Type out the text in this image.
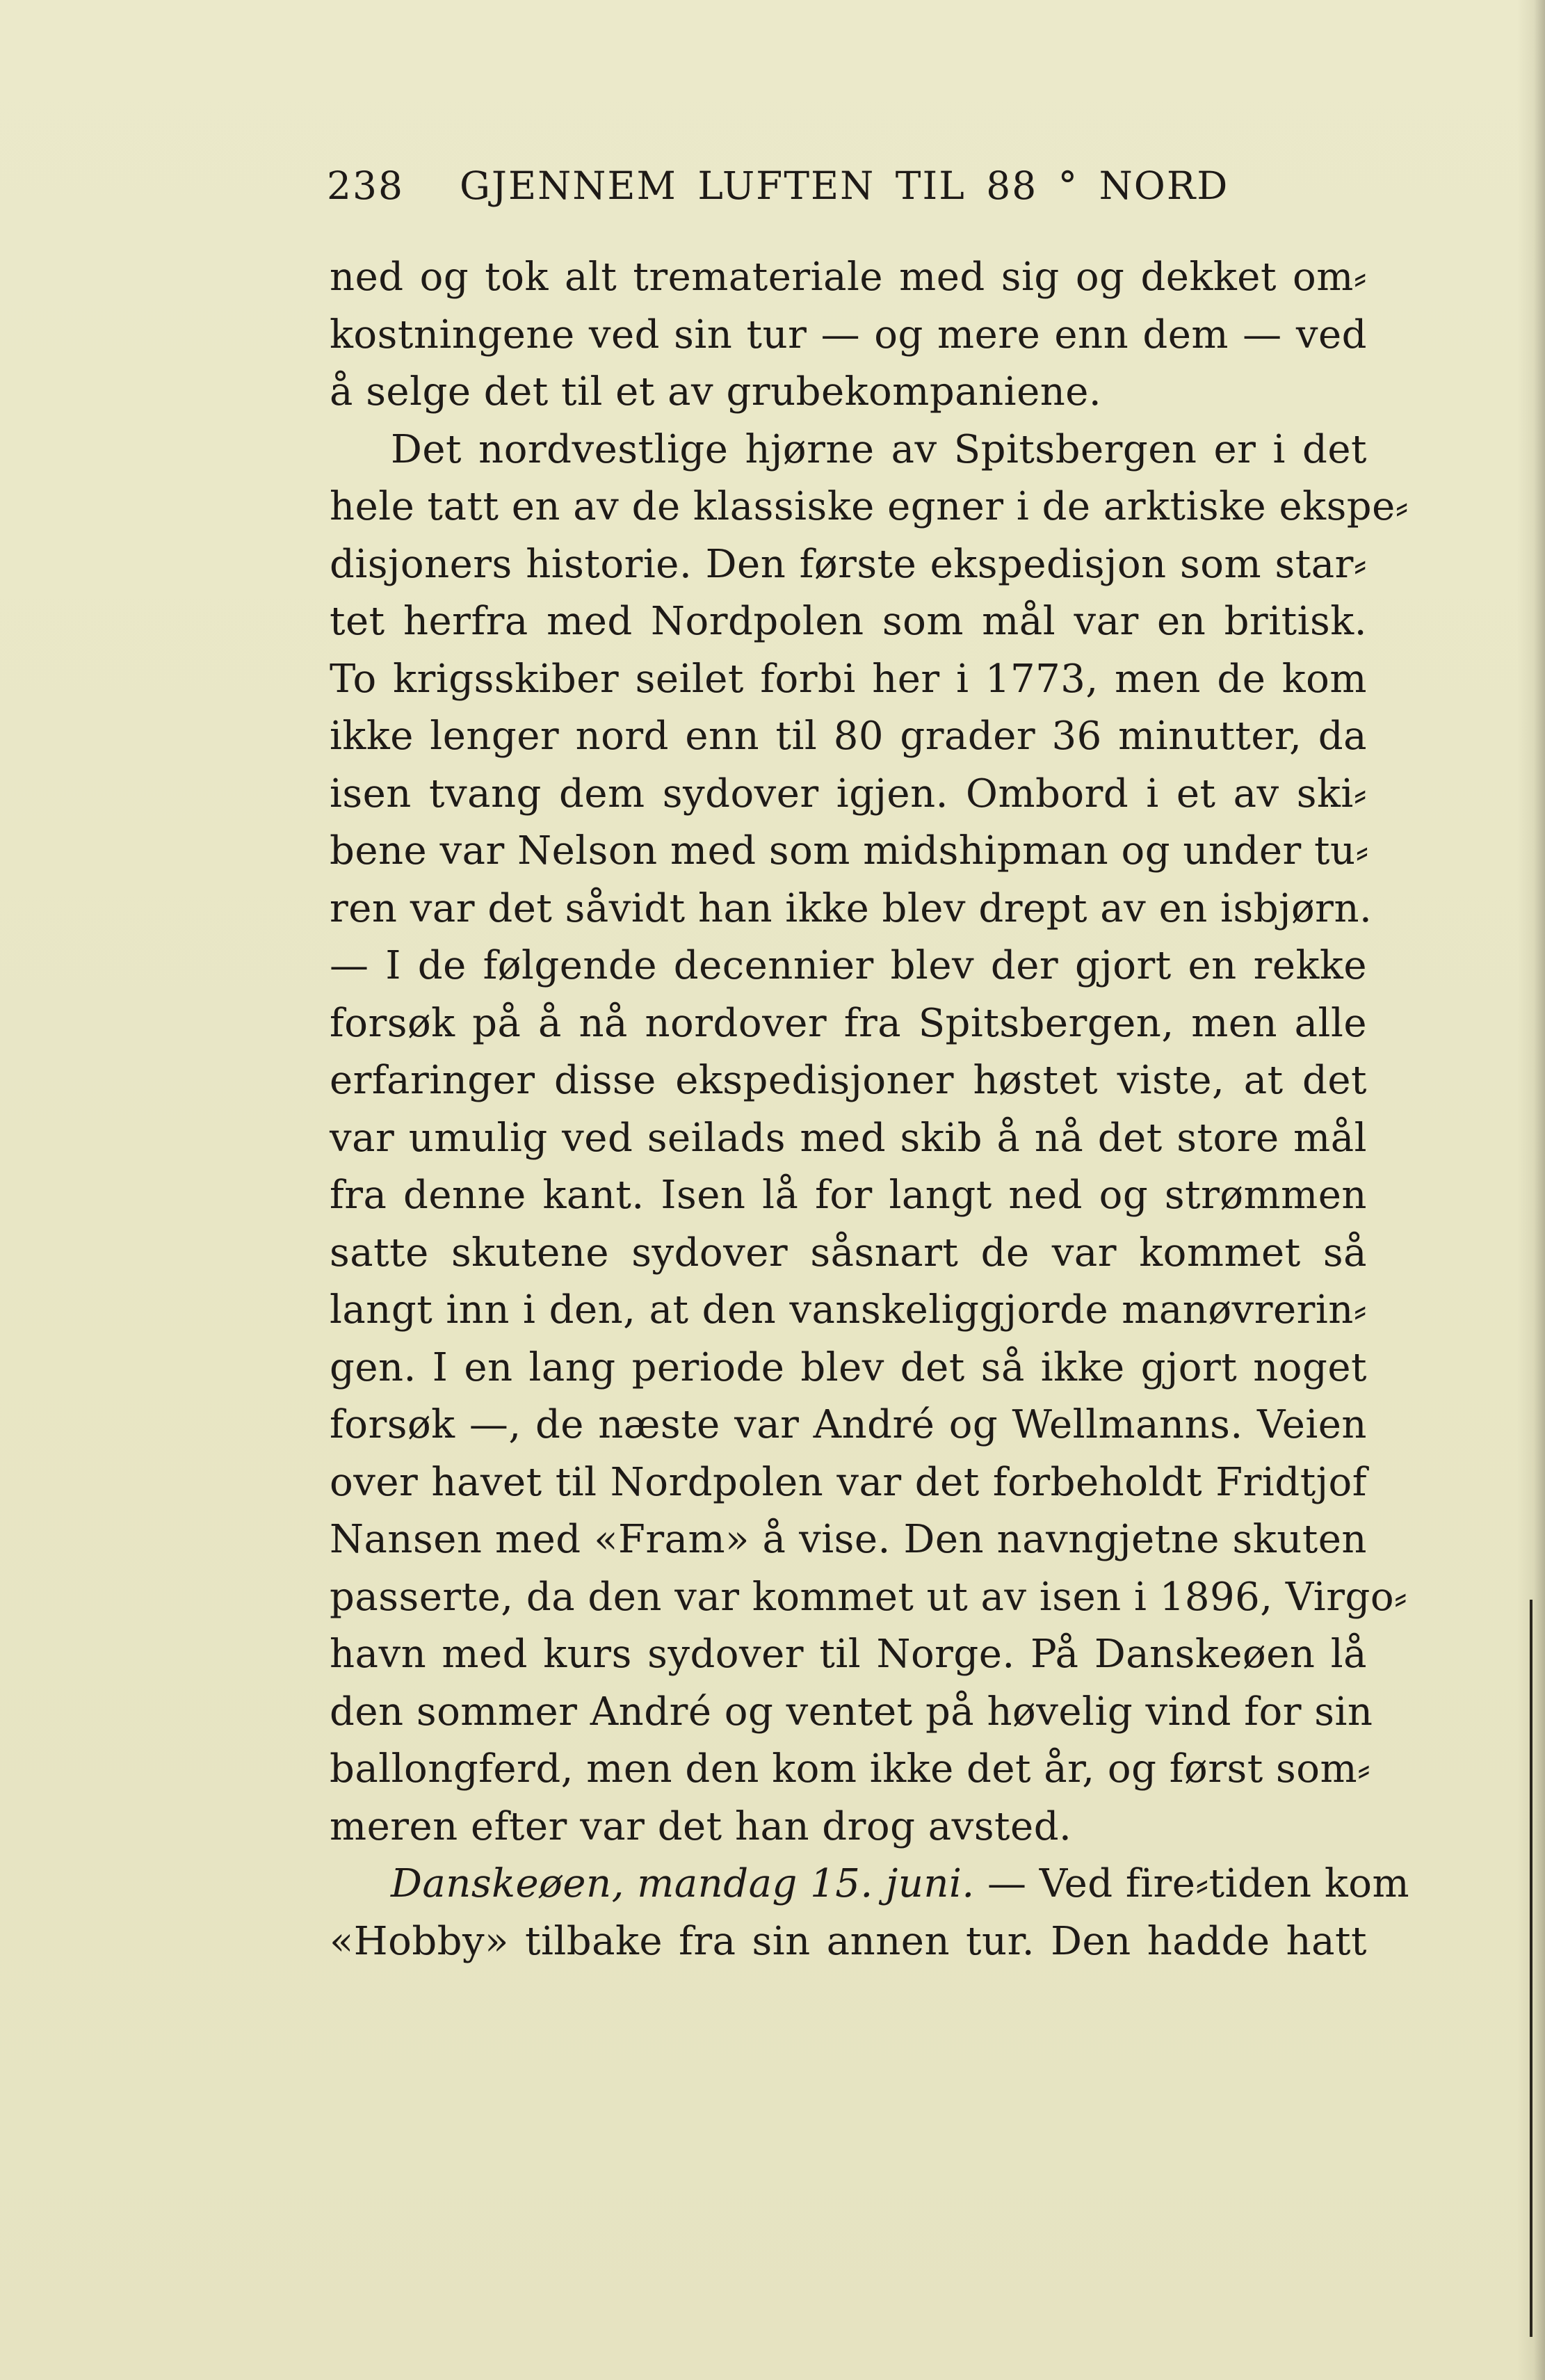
238 GJENNEM LUFTEN TIL 88 ° NORD
ned og tok alt tremateriale med sig og dekket om⸗
kostningene ved sin tur — og mere enn dem — ved
å selge det til et av grubekompaniene.
Det nordvestlige hjørne av Spitsbergen er i det
hele tatt en av de klassiske egner i de arktiske ekspe⸗
disjoners historie. Den første ekspedisjon som star⸗
tet herfra med Nordpolen som mål var en britisk.
To krigsskiber seilet forbi her i 1773, men de kom
ikke lenger nord enn til 80 grader 36 minutter, da
isen tvang dem sydover igjen. Ombord i et av ski⸗
bene var Nelson med som midshipman og under tu⸗
ren var det såvidt han ikke blev drept av en isbjørn.
— I de følgende decennier blev der gjort en rekke
forsøk på å nå nordover fra Spitsbergen, men alle
erfaringer disse ekspedisjoner høstet viste, at det
var umulig ved seilads med skib å nå det store mål
fra denne kant. Isen lå for langt ned og strømmen
satte skutene sydover såsnart de var kommet så
langt inn i den, at den vanskeliggjorde manøvrerin⸗
gen. I en lang periode blev det så ikke gjort noget
forsøk —, de næste var André og Wellmanns. Veien
over havet til Nordpolen var det forbeholdt Fridtjof
Nansen med «Fram» å vise. Den navngjetne skuten
passerte, da den var kommet ut av isen i 1896, Virgo⸗
havn med kurs sydover til Norge. På Danskeøen lå
den sommer André og ventet på høvelig vind for sin
ballongferd, men den kom ikke det år, og først som⸗
meren efter var det han drog avsted.
Danskeøen, mandag 15. juni. — Ved fire⸗tiden kom
«Hobby» tilbake fra sin annen tur. Den hadde hatt
